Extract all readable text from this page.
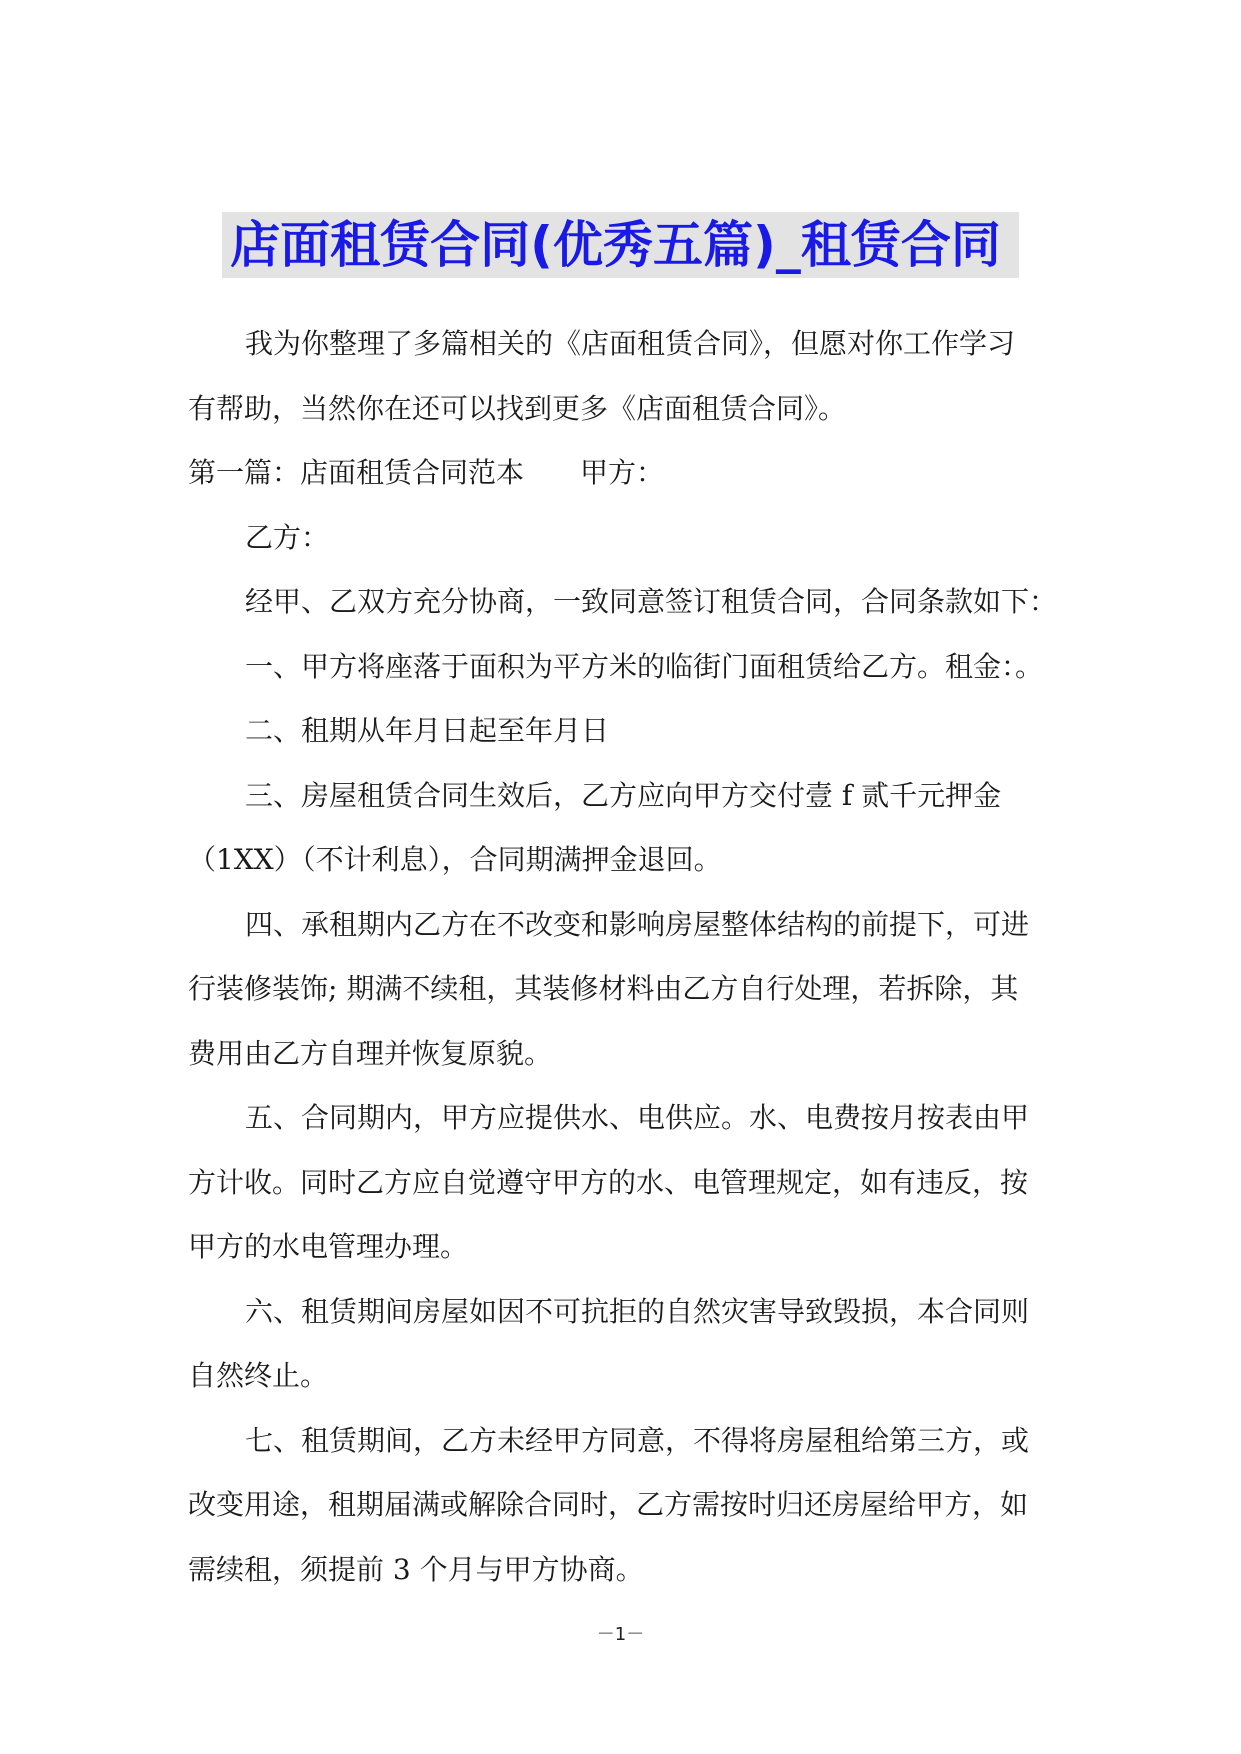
店面租赁合同(优秀五篇)_租赁合同

我为你整理了多篇相关的《店面租赁合同》，但愿对你工作学习

有帮助，当然你在还可以找到更多《店面租赁合同》。

第一篇：店面租赁合同范本　　甲方：

乙方：

经甲、乙双方充分协商，一致同意签订租赁合同，合同条款如下：

一、甲方将座落于面积为平方米的临街门面租赁给乙方。租金：。

二、租期从年月日起至年月日

三、房屋租赁合同生效后，乙方应向甲方交付壹 f 贰千元押金

（1XX）（不计利息），合同期满押金退回。

四、承租期内乙方在不改变和影响房屋整体结构的前提下，可进

行装修装饰; 期满不续租，其装修材料由乙方自行处理，若拆除，其

费用由乙方自理并恢复原貌。

五、合同期内，甲方应提供水、电供应。水、电费按月按表由甲

方计收。同时乙方应自觉遵守甲方的水、电管理规定，如有违反，按

甲方的水电管理办理。

六、租赁期间房屋如因不可抗拒的自然灾害导致毁损，本合同则

自然终止。

七、租赁期间，乙方未经甲方同意，不得将房屋租给第三方，或

改变用途，租期届满或解除合同时，乙方需按时归还房屋给甲方，如

需续租，须提前 3 个月与甲方协商。

－1－
